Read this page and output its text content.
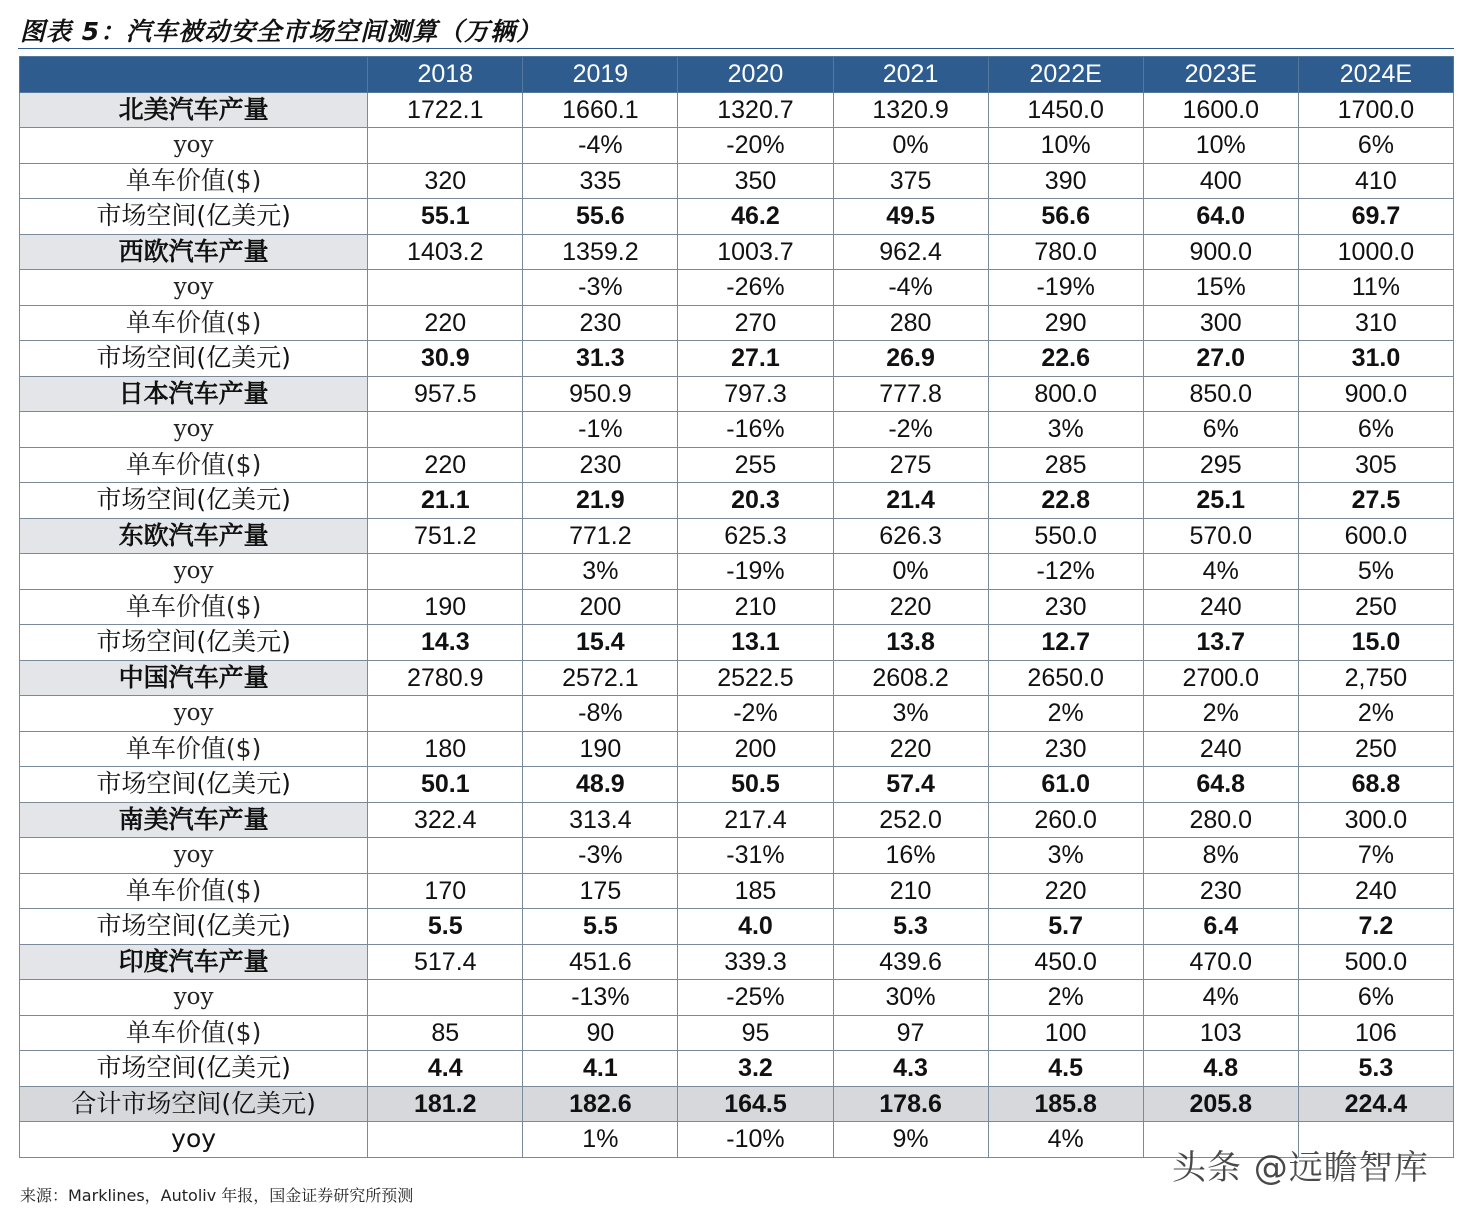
图表 5：汽车被动安全市场空间测算（万辆）
	2018	2019	2020	2021	2022E	2023E	2024E
北美汽车产量	1722.1	1660.1	1320.7	1320.9	1450.0	1600.0	1700.0
yoy		-4%	-20%	0%	10%	10%	6%
单车价值($)	320	335	350	375	390	400	410
市场空间(亿美元)	55.1	55.6	46.2	49.5	56.6	64.0	69.7
西欧汽车产量	1403.2	1359.2	1003.7	962.4	780.0	900.0	1000.0
yoy		-3%	-26%	-4%	-19%	15%	11%
单车价值($)	220	230	270	280	290	300	310
市场空间(亿美元)	30.9	31.3	27.1	26.9	22.6	27.0	31.0
日本汽车产量	957.5	950.9	797.3	777.8	800.0	850.0	900.0
yoy		-1%	-16%	-2%	3%	6%	6%
单车价值($)	220	230	255	275	285	295	305
市场空间(亿美元)	21.1	21.9	20.3	21.4	22.8	25.1	27.5
东欧汽车产量	751.2	771.2	625.3	626.3	550.0	570.0	600.0
yoy		3%	-19%	0%	-12%	4%	5%
单车价值($)	190	200	210	220	230	240	250
市场空间(亿美元)	14.3	15.4	13.1	13.8	12.7	13.7	15.0
中国汽车产量	2780.9	2572.1	2522.5	2608.2	2650.0	2700.0	2,750
yoy		-8%	-2%	3%	2%	2%	2%
单车价值($)	180	190	200	220	230	240	250
市场空间(亿美元)	50.1	48.9	50.5	57.4	61.0	64.8	68.8
南美汽车产量	322.4	313.4	217.4	252.0	260.0	280.0	300.0
yoy		-3%	-31%	16%	3%	8%	7%
单车价值($)	170	175	185	210	220	230	240
市场空间(亿美元)	5.5	5.5	4.0	5.3	5.7	6.4	7.2
印度汽车产量	517.4	451.6	339.3	439.6	450.0	470.0	500.0
yoy		-13%	-25%	30%	2%	4%	6%
单车价值($)	85	90	95	97	100	103	106
市场空间(亿美元)	4.4	4.1	3.2	4.3	4.5	4.8	5.3
合计市场空间(亿美元)	181.2	182.6	164.5	178.6	185.8	205.8	224.4
yoy		1%	-10%	9%	4%		
来源：Marklines，Autoliv 年报，国金证券研究所预测
头条 @远瞻智库
